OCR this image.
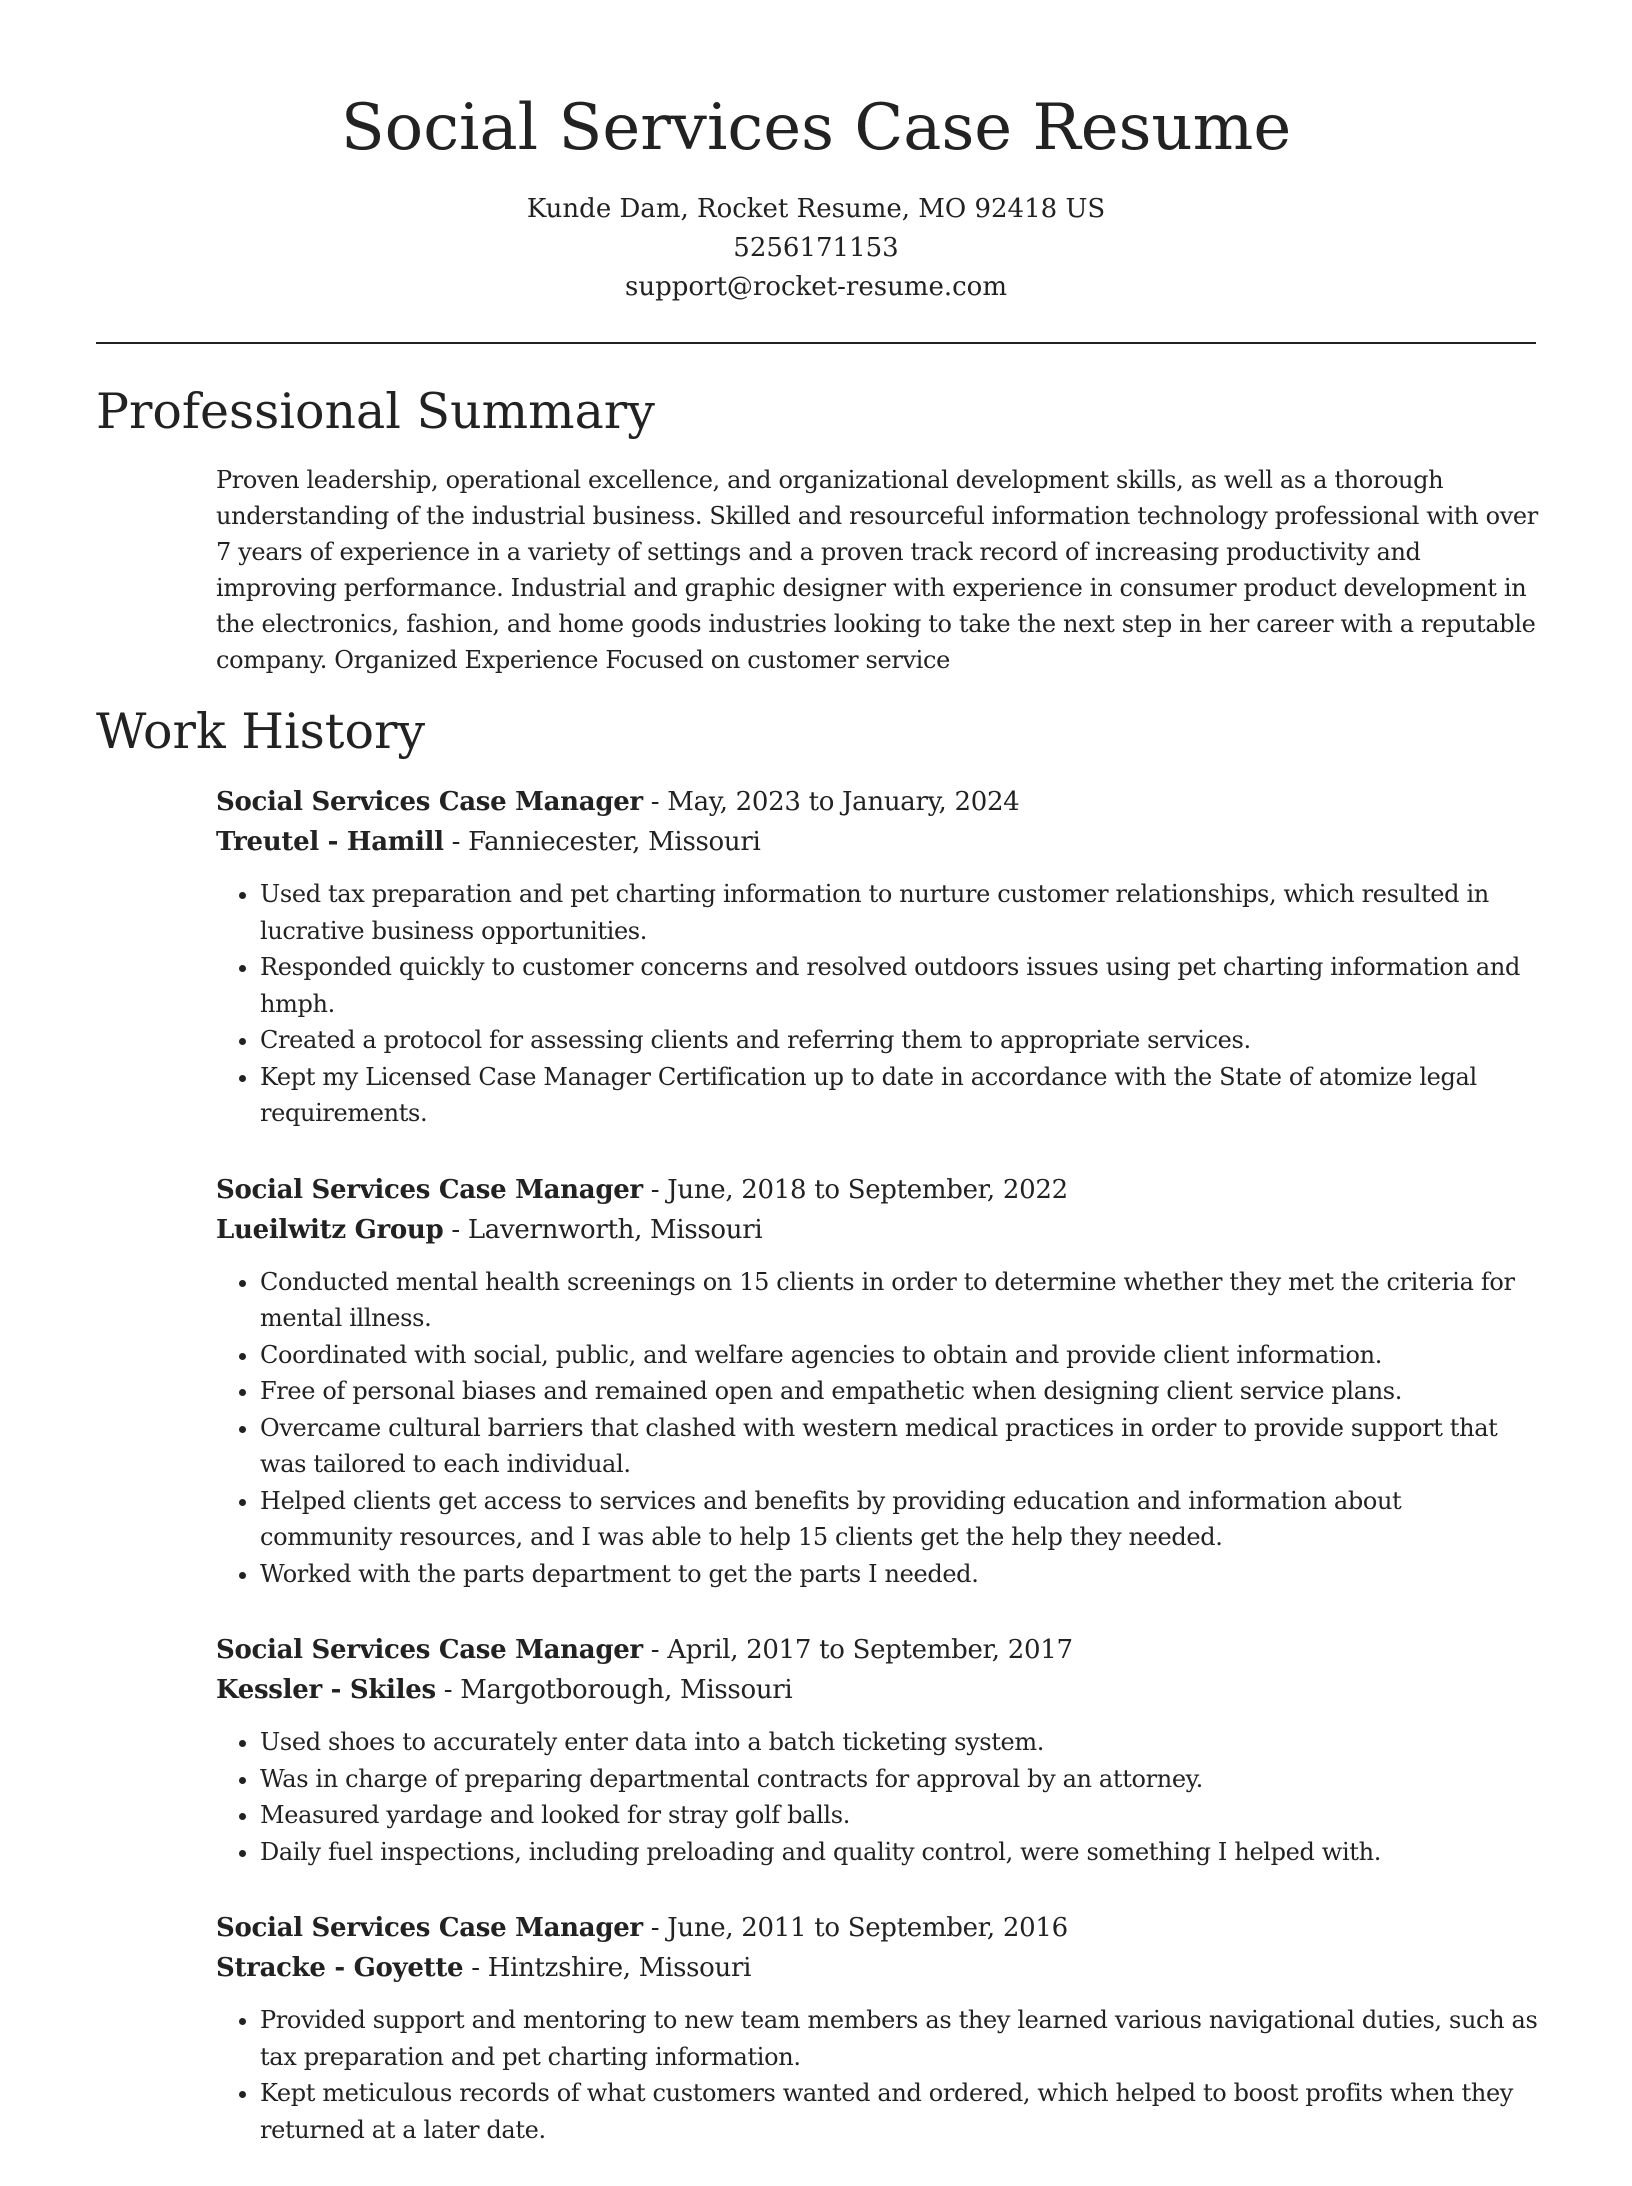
Social Services Case Resume
Kunde Dam, Rocket Resume, MO 92418 US
5256171153
support@rocket-resume.com
Professional Summary

Proven leadership, operational excellence, and organizational development skills, as well as a thorough understanding of the industrial business. Skilled and resourceful information technology professional with over 7 years of experience in a variety of settings and a proven track record of increasing productivity and improving performance. Industrial and graphic designer with experience in consumer product development in the electronics, fashion, and home goods industries looking to take the next step in her career with a reputable company. Organized Experience Focused on customer service

Work History
Social Services Case Manager - May, 2023 to January, 2024
Treutel - Hamill - Fanniecester, Missouri
• Used tax preparation and pet charting information to nurture customer relationships, which resulted in lucrative business opportunities.
• Responded quickly to customer concerns and resolved outdoors issues using pet charting information and hmph.
• Created a protocol for assessing clients and referring them to appropriate services.
• Kept my Licensed Case Manager Certification up to date in accordance with the State of atomize legal requirements.
Social Services Case Manager - June, 2018 to September, 2022
Lueilwitz Group - Lavernworth, Missouri
• Conducted mental health screenings on 15 clients in order to determine whether they met the criteria for mental illness.
• Coordinated with social, public, and welfare agencies to obtain and provide client information.
• Free of personal biases and remained open and empathetic when designing client service plans.
• Overcame cultural barriers that clashed with western medical practices in order to provide support that was tailored to each individual.
• Helped clients get access to services and benefits by providing education and information about community resources, and I was able to help 15 clients get the help they needed.
• Worked with the parts department to get the parts I needed.
Social Services Case Manager - April, 2017 to September, 2017
Kessler - Skiles - Margotborough, Missouri
• Used shoes to accurately enter data into a batch ticketing system.
• Was in charge of preparing departmental contracts for approval by an attorney.
• Measured yardage and looked for stray golf balls.
• Daily fuel inspections, including preloading and quality control, were something I helped with.
Social Services Case Manager - June, 2011 to September, 2016
Stracke - Goyette - Hintzshire, Missouri
• Provided support and mentoring to new team members as they learned various navigational duties, such as tax preparation and pet charting information.
• Kept meticulous records of what customers wanted and ordered, which helped to boost profits when they returned at a later date.
